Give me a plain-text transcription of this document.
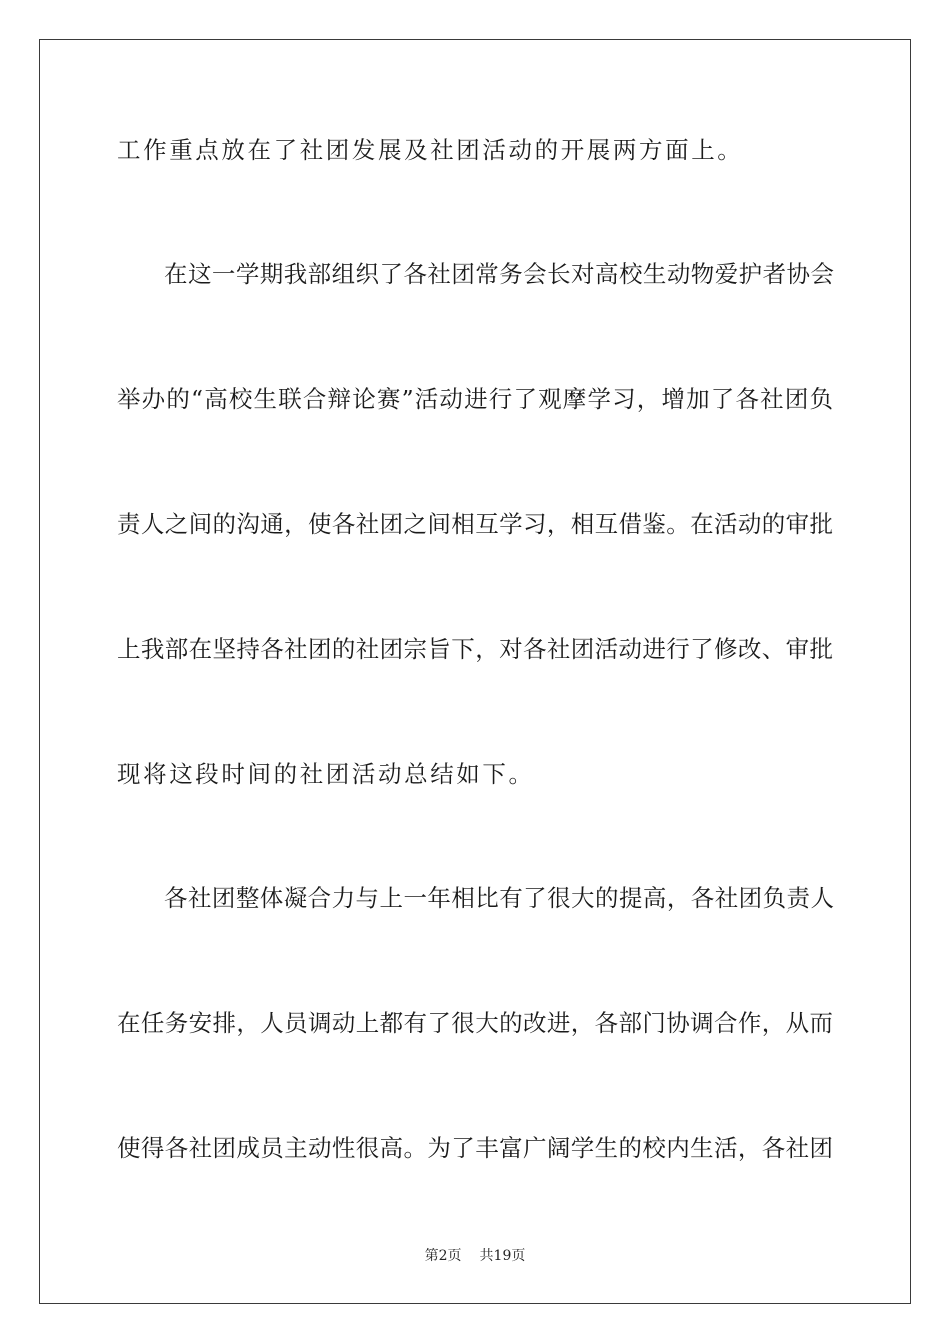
工作重点放在了社团发展及社团活动的开展两方面上。
在这一学期我部组织了各社团常务会长对高校生动物爱护者协会
举办的“高校生联合辩论赛”活动进行了观摩学习，增加了各社团负
责人之间的沟通，使各社团之间相互学习，相互借鉴。在活动的审批
上我部在坚持各社团的社团宗旨下，对各社团活动进行了修改、审批
现将这段时间的社团活动总结如下。
各社团整体凝合力与上一年相比有了很大的提高，各社团负责人
在任务安排，人员调动上都有了很大的改进，各部门协调合作，从而
使得各社团成员主动性很高。为了丰富广阔学生的校内生活，各社团
第2页 共19页
